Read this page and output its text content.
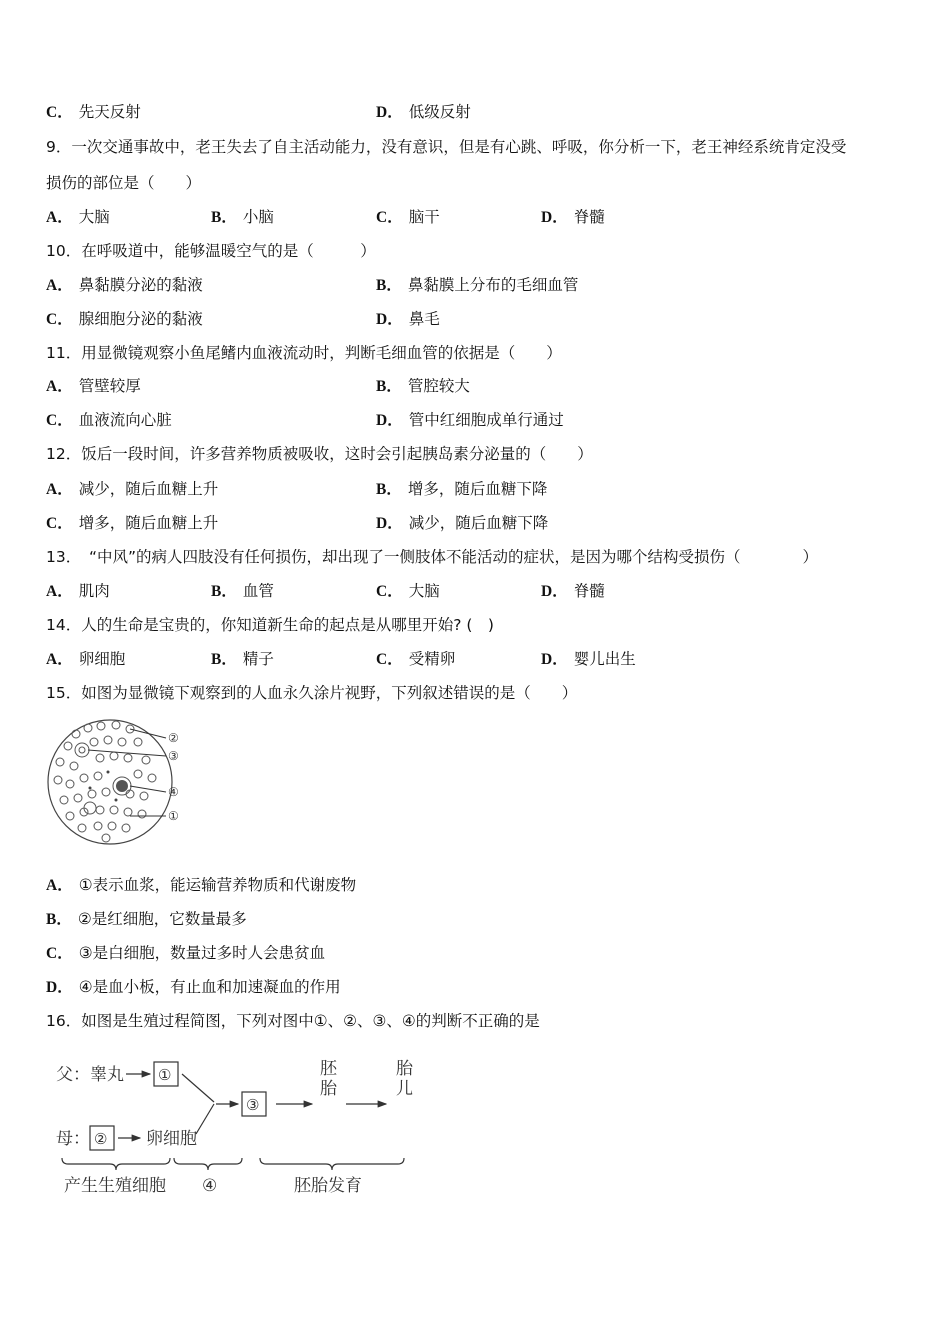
C． 先天反射	D． 低级反射
9．一次交通事故中，老王失去了自主活动能力，没有意识，但是有心跳、呼吸，你分析一下，老王神经系统肯定没受
损伤的部位是（　　）
A． 大脑	B． 小脑	C． 脑干	D． 脊髓
10．在呼吸道中，能够温暖空气的是（　　　）
A． 鼻黏膜分泌的黏液	B． 鼻黏膜上分布的毛细血管
C． 腺细胞分泌的黏液	D． 鼻毛
11．用显微镜观察小鱼尾鳍内血液流动时，判断毛细血管的依据是（　　）
A． 管壁较厚	B． 管腔较大
C． 血液流向心脏	D． 管中红细胞成单行通过
12．饭后一段时间，许多营养物质被吸收，这时会引起胰岛素分泌量的（　　）
A． 减少，随后血糖上升	B． 增多，随后血糖下降
C． 增多，随后血糖上升	D． 减少，随后血糖下降
13．　“中风”的病人四肢没有任何损伤，却出现了一侧肢体不能活动的症状，是因为哪个结构受损伤（　　　　）
A． 肌肉	B． 血管	C． 大脑	D． 脊髓
14．人的生命是宝贵的，你知道新生命的起点是从哪里开始? (　)
A． 卵细胞	B． 精子	C． 受精卵	D． 婴儿出生
15．如图为显微镜下观察到的人血永久涂片视野，下列叙述错误的是（　　）
②
③
④
①
A． ①表示血浆，能运输营养物质和代谢废物
B． ②是红细胞，它数量最多
C． ③是白细胞，数量过多时人会患贫血
D． ④是血小板，有止血和加速凝血的作用
16．如图是生殖过程简图，下列对图中①、②、③、④的判断不正确的是
父：睾丸
母：	卵细胞
胚
胎
胎
儿
产生生殖细胞 ④	胚胎发育
①
②
③
